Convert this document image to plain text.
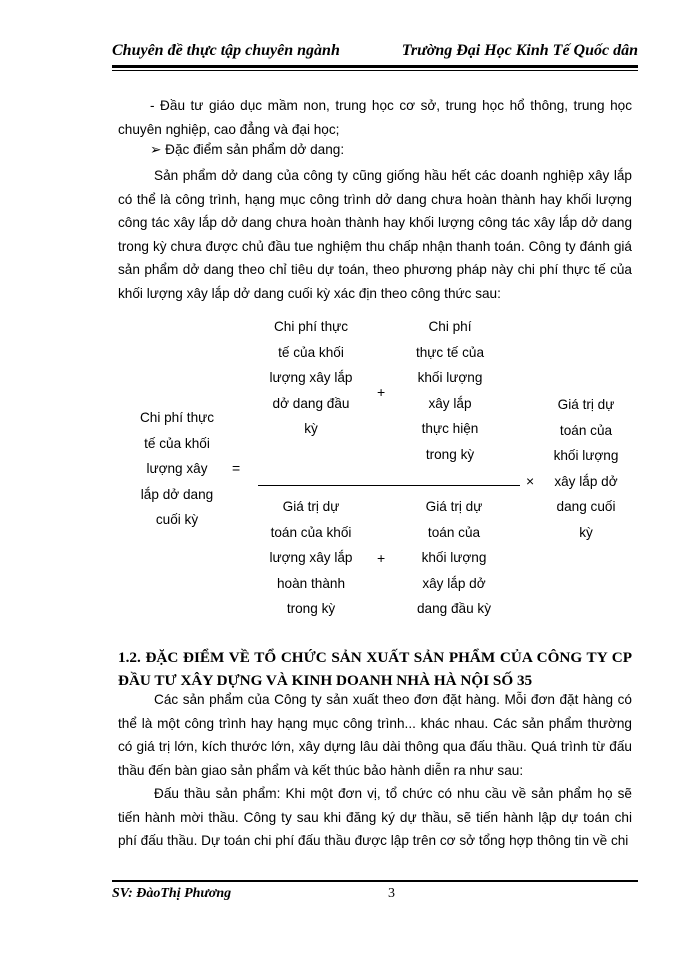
Chuyên đề thực tập chuyên ngành	Trường Đại Học Kinh Tế Quốc dân
- Đầu tư giáo dục mầm non, trung học cơ sở, trung học hổ thông, trung học chuyên nghiệp, cao đẳng và đại học;
➢ Đặc điểm sản phẩm dở dang:
Sản phẩm dở dang của công ty cũng giống hầu hết các doanh nghiệp xây lắp có thể là công trình, hạng mục công trình dở dang chưa hoàn thành hay khối lượng công tác xây lắp dở dang chưa hoàn thành hay khối lượng công tác xây lắp dở dang trong kỳ chưa được chủ đầu tue nghiệm thu chấp nhận thanh toán. Công ty đánh giá sản phẩm dở dang theo chỉ tiêu dự toán, theo phương pháp này chi phí thực tế của khối lượng xây lắp dở dang cuối kỳ xác địn theo công thức sau:
Chi phí thực
tế của khối
lượng xây
lắp dở dang
cuối kỳ
=
Chi phí thực
tế của khối
lượng xây lắp
dở dang đầu
kỳ
+
Chi phí
thực tế của
khối lượng
xây lắp
thực hiện
trong kỳ
Giá trị dự
toán của khối
lượng xây lắp
hoàn thành
trong kỳ
+
Giá trị dự
toán của
khối lượng
xây lắp dở
dang đầu kỳ
×
Giá trị dự
toán của
khối lượng
xây lắp dở
dang cuối
kỳ
1.2. ĐẶC ĐIỂM VỀ TỔ CHỨC SẢN XUẤT SẢN PHẨM CỦA CÔNG TY CP ĐẦU TƯ XÂY DỰNG VÀ KINH DOANH NHÀ HÀ NỘI SỐ 35
Các sản phẩm của Công ty sản xuất theo đơn đặt hàng. Mỗi đơn đặt hàng có thể là một công trình hay hạng mục công trình... khác nhau. Các sản phẩm thường có giá trị lớn, kích thước lớn, xây dựng lâu dài thông qua đấu thầu. Quá trình từ đấu thầu đến bàn giao sản phẩm và kết thúc bảo hành diễn ra như sau:
Đấu thầu sản phẩm: Khi một đơn vị, tổ chức có nhu cầu về sản phẩm họ sẽ tiến hành mời thầu. Công ty sau khi đăng ký dự thầu, sẽ tiến hành lập dự toán chi phí đấu thầu. Dự toán chi phí đấu thầu được lập trên cơ sở tổng hợp thông tin về chi
SV: ĐàoThị Phương	3
